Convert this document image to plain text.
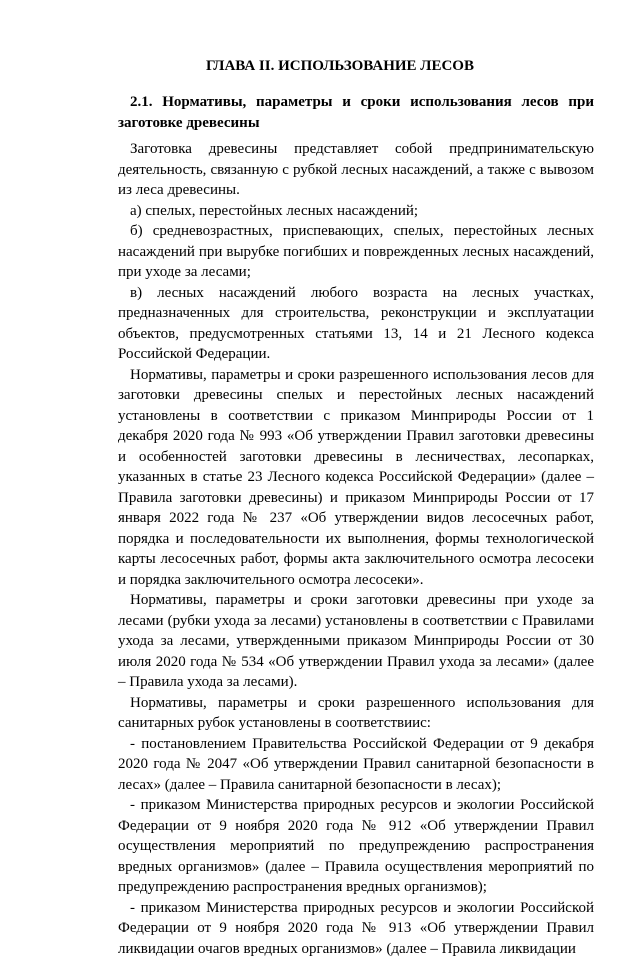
ГЛАВА II. ИСПОЛЬЗОВАНИЕ ЛЕСОВ
2.1. Нормативы, параметры и сроки использования лесов при заготовке древесины

Заготовка древесины представляет собой предпринимательскую деятельность, связанную с рубкой лесных насаждений, а также с вывозом из леса древесины.

а) спелых, перестойных лесных насаждений;

б) средневозрастных, приспевающих, спелых, перестойных лесных насаждений при вырубке погибших и поврежденных лесных насаждений, при уходе за лесами;

в) лесных насаждений любого возраста на лесных участках, предназначенных для строительства, реконструкции и эксплуатации объектов, предусмотренных статьями 13, 14 и 21 Лесного кодекса Российской Федерации.

Нормативы, параметры и сроки разрешенного использования лесов для заготовки древесины спелых и перестойных лесных насаждений установлены в соответствии с приказом Минприроды России от 1 декабря 2020 года № 993 «Об утверждении Правил заготовки древесины и особенностей заготовки древесины в лесничествах, лесопарках, указанных в статье 23 Лесного кодекса Российской Федерации» (далее – Правила заготовки древесины) и приказом Минприроды России от 17 января 2022 года № 237 «Об утверждении видов лесосечных работ, порядка и последовательности их выполнения, формы технологической карты лесосечных работ, формы акта заключительного осмотра лесосеки и порядка заключительного осмотра лесосеки».

Нормативы, параметры и сроки заготовки древесины при уходе за лесами (рубки ухода за лесами) установлены в соответствии с Правилами ухода за лесами, утвержденными приказом Минприроды России от 30 июля 2020 года № 534 «Об утверждении Правил ухода за лесами» (далее – Правила ухода за лесами).

Нормативы, параметры и сроки разрешенного использования для санитарных рубок установлены в соответствиис:

- постановлением Правительства Российской Федерации от 9 декабря 2020 года № 2047 «Об утверждении Правил санитарной безопасности в лесах» (далее – Правила санитарной безопасности в лесах);

- приказом Министерства природных ресурсов и экологии Российской Федерации от 9 ноября 2020 года № 912 «Об утверждении Правил осуществления мероприятий по предупреждению распространения вредных организмов» (далее – Правила осуществления мероприятий по предупреждению распространения вредных организмов);

- приказом Министерства природных ресурсов и экологии Российской Федерации от 9 ноября 2020 года № 913 «Об утверждении Правил ликвидации очагов вредных организмов» (далее – Правила ликвидации
